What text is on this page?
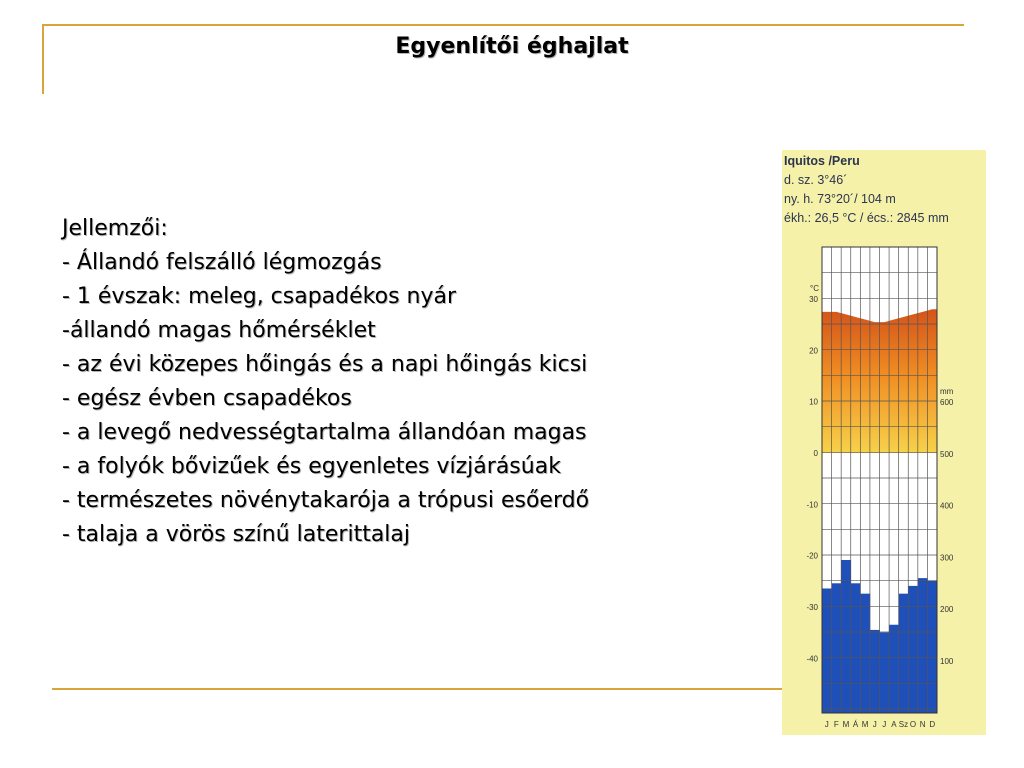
Egyenlítői éghajlat
Jellemzői:
- Állandó felszálló légmozgás
- 1 évszak: meleg, csapadékos nyár
-állandó magas hőmérséklet
- az évi közepes hőingás és a napi hőingás kicsi
- egész évben csapadékos
- a levegő nedvességtartalma állandóan magas
- a folyók bővizűek és egyenletes vízjárásúak
- természetes növénytakarója a trópusi esőerdő
- talaja a vörös színű laterittalaj
Iquitos /Peru
d. sz. 3°46´
ny. h. 73°20´/ 104 m
ékh.: 26,5 °C / écs.: 2845 mm
°C
30
20
10
0
-10
-20
-30
-40
mm
600
500
400
300
200
100
J F M Á M J J A Sz O N D
